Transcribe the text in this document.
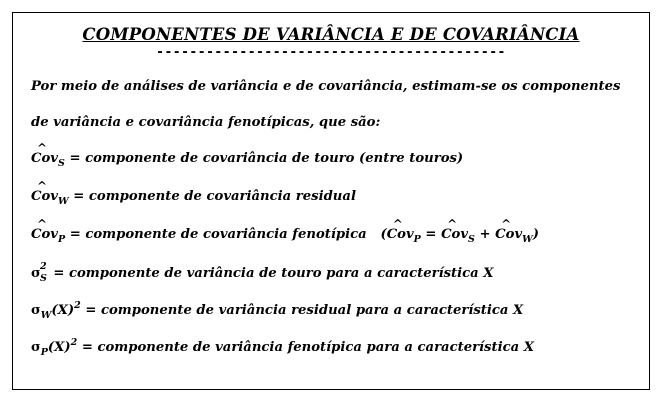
COMPONENTES DE VARIÂNCIA E DE COVARIÂNCIA
------------------------------------------
Por meio de análises de variância e de covariância, estimam-se os componentes
de variância e covariância fenotípicas, que são:
^
Cov$_S$ = componente de covariância de touro (entre touros)
^
Cov$_W$ = componente de covariância residual
^
Cov$_P$ = componente de covariância fenotípica (
^
Cov$_P$ =
^
Cov$_S$ +
^
Cov$_W$)
σ 2
S = componente de variância de touro para a característica X
$\sigma_W(X)^2$ = componente de variância residual para a característica X
$\sigma_P(X)^2$ = componente de variância fenotípica para a característica X
